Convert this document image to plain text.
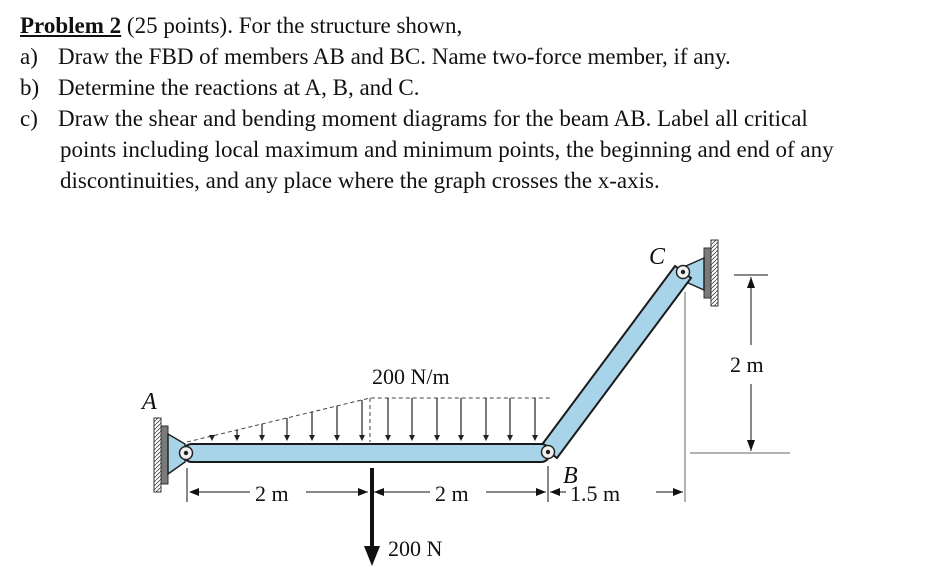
Problem 2 (25 points). For the structure shown,
a) Draw the FBD of members AB and BC. Name two-force member, if any.
b) Determine the reactions at A, B, and C.
c) Draw the shear and bending moment diagrams for the beam AB. Label all critical
points including local maximum and minimum points, the beginning and end of any
discontinuities, and any place where the graph crosses the x-axis.
A
B
C
200 N/m
200 N
2 m	2 m	1.5 m
2 m
